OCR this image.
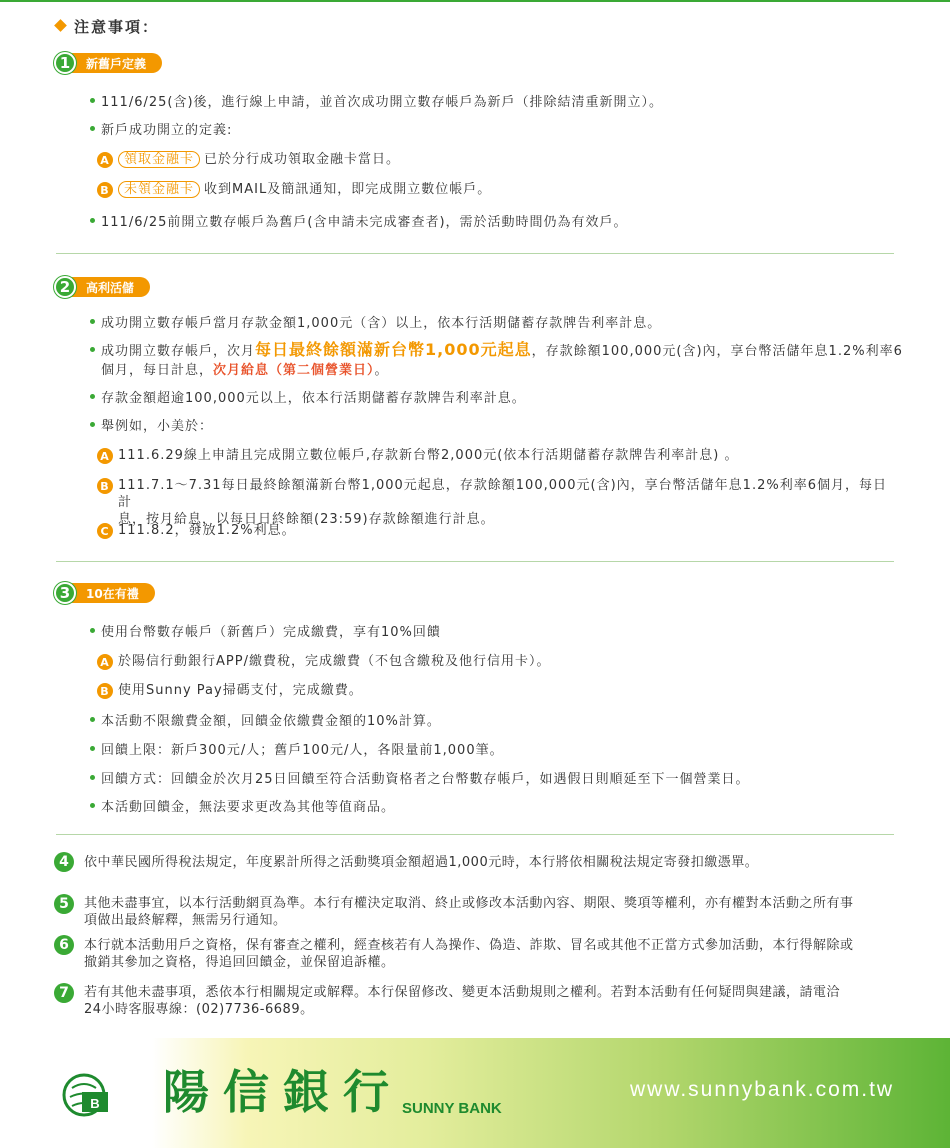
注意事項：
1	新舊戶定義
111/6/25(含)後，進行線上申請，並首次成功開立數存帳戶為新戶（排除結清重新開立）。
新戶成功開立的定義:
A	領取金融卡 已於分行成功領取金融卡當日。
B	未領金融卡 收到MAIL及簡訊通知，即完成開立數位帳戶。
111/6/25前開立數存帳戶為舊戶(含申請未完成審查者)，需於活動時間仍為有效戶。
2	高利活儲
成功開立數存帳戶當月存款金額1,000元（含）以上，依本行活期儲蓄存款牌告利率計息。
成功開立數存帳戶，次月每日最終餘額滿新台幣1,000元起息，存款餘額100,000元(含)內，享台幣活儲年息1.2%利率6
個月，每日計息，次月給息（第二個營業日）。
存款金額超逾100,000元以上，依本行活期儲蓄存款牌告利率計息。
舉例如，小美於：
A 111.6.29線上申請且完成開立數位帳戶,存款新台幣2,000元(依本行活期儲蓄存款牌告利率計息) 。
B 111.7.1～7.31每日最終餘額滿新台幣1,000元起息，存款餘額100,000元(含)內，享台幣活儲年息1.2%利率6個月，每日計
息，按月給息，以每日日終餘額(23:59)存款餘額進行計息。
C 111.8.2，發放1.2%利息。
3	10在有禮
使用台幣數存帳戶（新舊戶）完成繳費，享有10%回饋
A 於陽信行動銀行APP/繳費稅，完成繳費（不包含繳稅及他行信用卡）。
B 使用Sunny Pay掃碼支付，完成繳費。
本活動不限繳費金額，回饋金依繳費金額的10%計算。
回饋上限：新戶300元/人；舊戶100元/人，各限量前1,000筆。
回饋方式：回饋金於次月25日回饋至符合活動資格者之台幣數存帳戶，如遇假日則順延至下一個營業日。
本活動回饋金，無法要求更改為其他等值商品。
4	依中華民國所得稅法規定，年度累計所得之活動獎項金額超過1,000元時，本行將依相關稅法規定寄發扣繳憑單。
5	其他未盡事宜，以本行活動網頁為準。本行有權決定取消、終止或修改本活動內容、期限、獎項等權利，亦有權對本活動之所有事
項做出最終解釋，無需另行通知。
6	本行就本活動用戶之資格，保有審查之權利，經查核若有人為操作、偽造、詐欺、冒名或其他不正當方式參加活動，本行得解除或
撤銷其參加之資格，得追回回饋金，並保留追訴權。
7	若有其他未盡事項，悉依本行相關規定或解釋。本行保留修改、變更本活動規則之權利。若對本活動有任何疑問與建議，請電洽
24小時客服專線：(02)7736-6689。
B 陽信銀行 SUNNY BANK
www.sunnybank.com.tw
